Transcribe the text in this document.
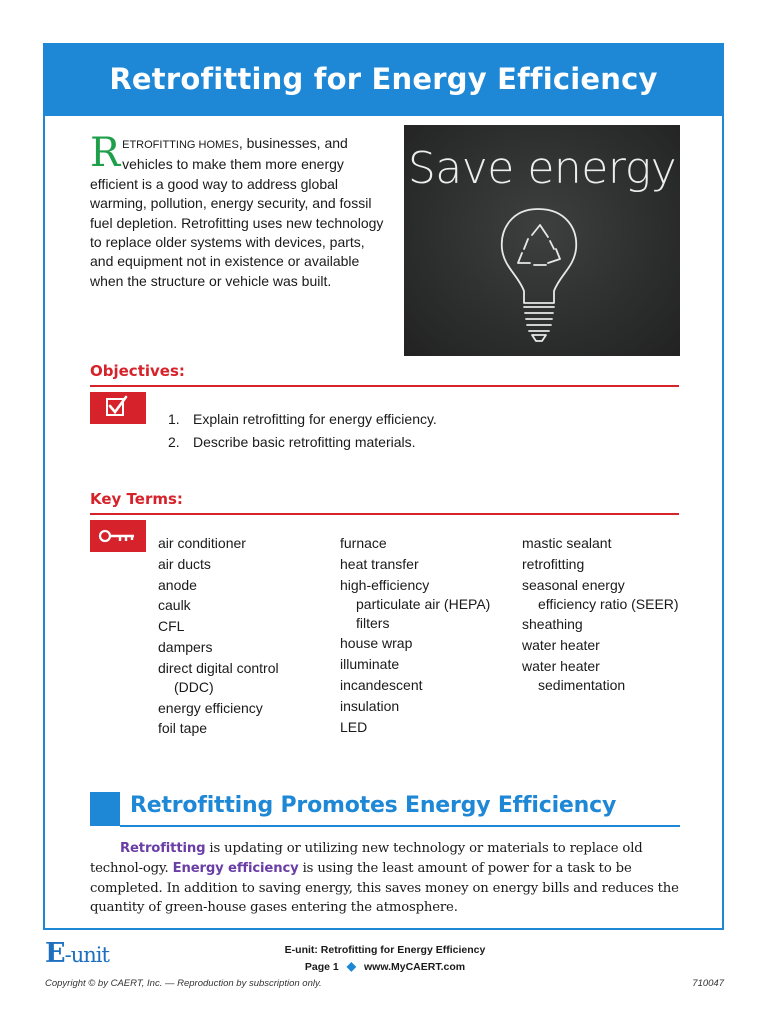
Retrofitting for Energy Efficiency
RETROFITTING HOMES, businesses, and vehicles to make them more energy efficient is a good way to address global warming, pollution, energy security, and fossil fuel depletion. Retrofitting uses new technology to replace older systems with devices, parts, and equipment not in existence or available when the structure or vehicle was built.
Save energy
Objectives:
1. Explain retrofitting for energy efficiency.
2. Describe basic retrofitting materials.
Key Terms:
air conditioner
air ducts
anode
caulk
CFL
dampers
direct digital control
(DDC)
energy efficiency
foil tape
furnace
heat transfer
high-efficiency
particulate air (HEPA) filters
house wrap
illuminate
incandescent
insulation
LED
mastic sealant
retrofitting
seasonal energy
efficiency ratio (SEER)
sheathing
water heater
water heater
sedimentation
Retrofitting Promotes Energy Efficiency
Retrofitting is updating or utilizing new technology or materials to replace old technol-ogy. Energy efficiency is using the least amount of power for a task to be completed. In addition to saving energy, this saves money on energy bills and reduces the quantity of green-house gases entering the atmosphere.
E-unit	E-unit: Retrofitting for Energy Efficiency
Page 1 ◆ www.MyCAERT.com
Copyright © by CAERT, Inc. — Reproduction by subscription only.	710047
